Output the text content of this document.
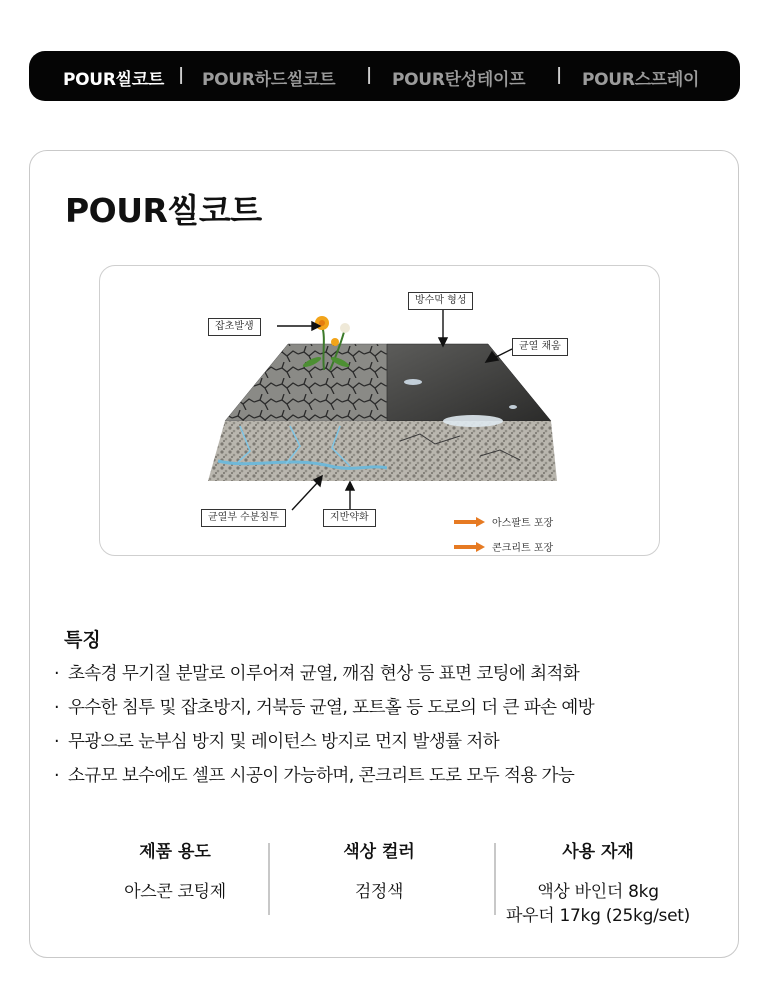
POUR씰코트 | POUR하드씰코트 | POUR탄성테이프 | POUR스프레이
POUR씰코트
잡초발생
방수막 형성
균열 채움
균열부 수분침투	지반약화
아스팔트 포장
콘크리트 포장
특징
· 초속경 무기질 분말로 이루어져 균열, 깨짐 현상 등 표면 코팅에 최적화
· 우수한 침투 및 잡초방지, 거북등 균열, 포트홀 등 도로의 더 큰 파손 예방
· 무광으로 눈부심 방지 및 레이턴스 방지로 먼지 발생률 저하
· 소규모 보수에도 셀프 시공이 가능하며, 콘크리트 도로 모두 적용 가능
제품 용도
아스콘 코팅제
색상 컬러
검정색
사용 자재
액상 바인더 8kg
파우더 17kg (25kg/set)
